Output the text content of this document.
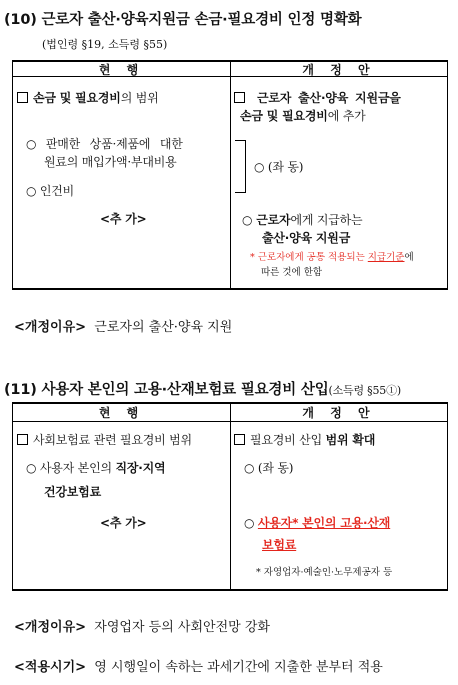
(10) 근로자 출산·양육지원금 손금·필요경비 인정 명확화
(법인령 §19, 소득령 §55)
현 행	개 정 안
손금 및 필요경비의 범위
○ 판매한 상품·제품에 대한
원료의 매입가액·부대비용
○ 인건비
<추 가>
근로자 출산·양육 지원금을
손금 및 필요경비에 추가
○ (좌 동)
○ 근로자에게 지급하는
출산·양육 지원금
* 근로자에게 공통 적용되는 지급기준에
따른 것에 한함
<개정이유> 근로자의 출산·양육 지원
(11) 사용자 본인의 고용·산재보험료 필요경비 산입(소득령 §55①)
현 행	개 정 안
사회보험료 관련 필요경비 범위
○ 사용자 본인의 직장·지역
건강보험료
<추 가>
필요경비 산입 범위 확대
○ (좌 동)
○ 사용자* 본인의 고용·산재
보험료
* 자영업자·예술인·노무제공자 등
<개정이유> 자영업자 등의 사회안전망 강화
<적용시기> 영 시행일이 속하는 과세기간에 지출한 분부터 적용
